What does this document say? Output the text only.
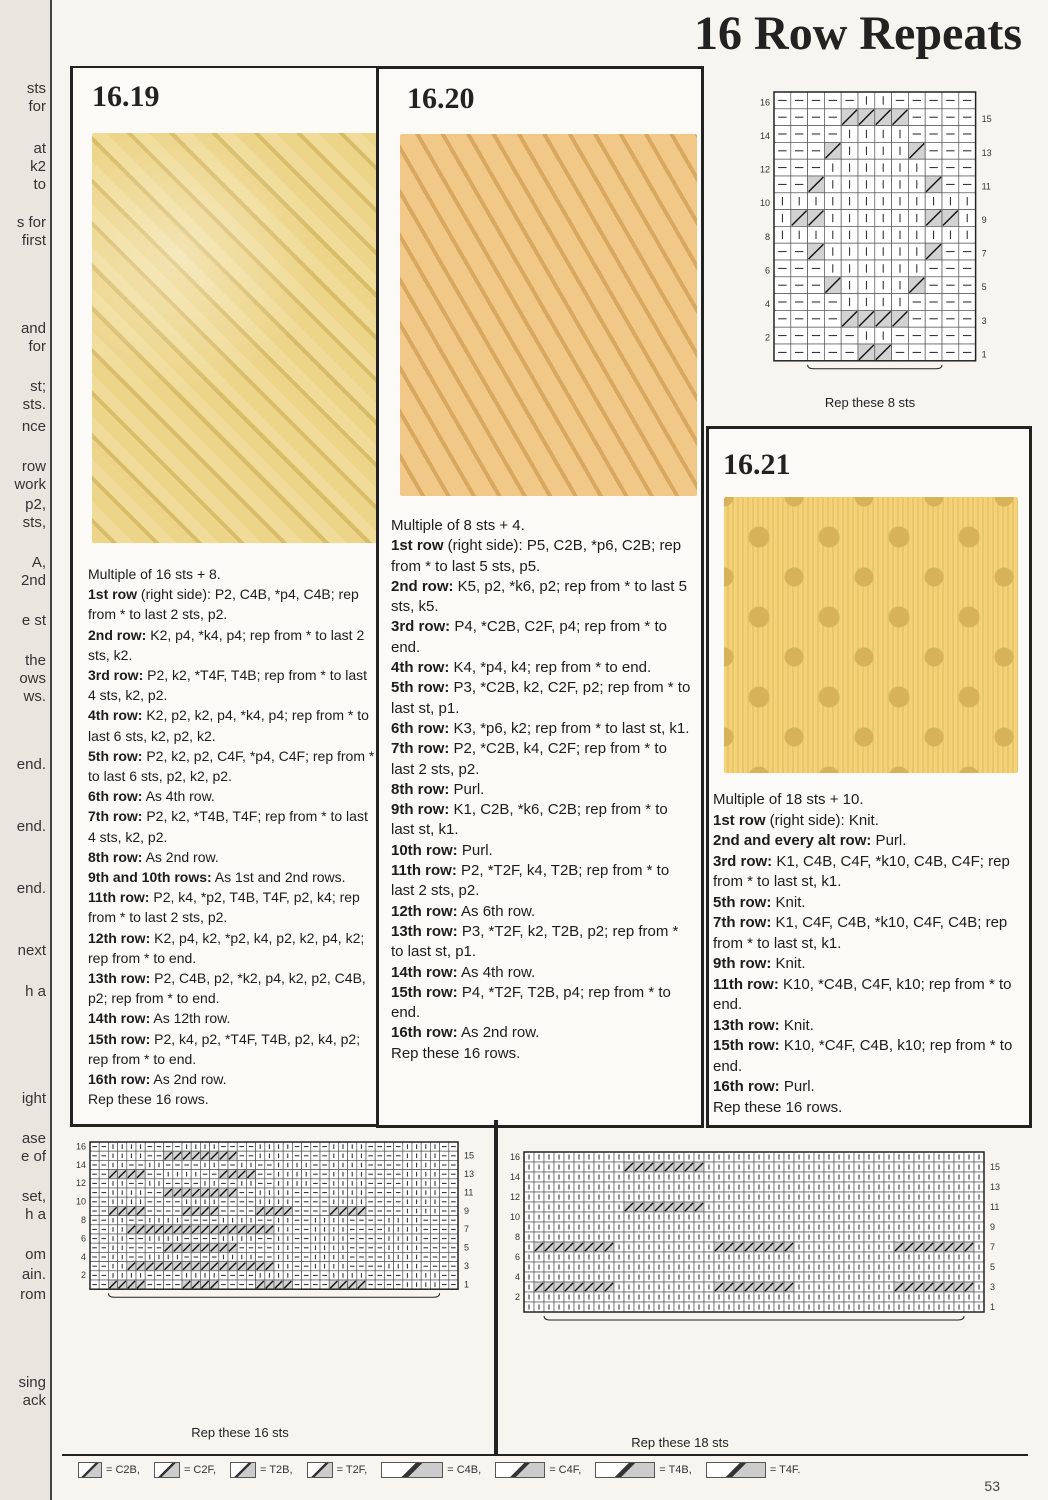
sts
for
at
k2
to
s for
first
and
for
st;
sts.
nce
row
work
p2,
sts,
A,
2nd
e st
the
ows
ws.
end.
end.
end.
next
h a
ight
ase
e of
set,
h a
om
ain.
rom
sing
ack
16 Row Repeats
16.19

Multiple of 16 sts + 8.

1st row (right side): P2, C4B, *p4, C4B; rep from * to last 2 sts, p2.

2nd row: K2, p4, *k4, p4; rep from * to last 2 sts, k2.

3rd row: P2, k2, *T4F, T4B; rep from * to last 4 sts, k2, p2.

4th row: K2, p2, k2, p4, *k4, p4; rep from * to last 6 sts, k2, p2, k2.

5th row: P2, k2, p2, C4F, *p4, C4F; rep from * to last 6 sts, p2, k2, p2.

6th row: As 4th row.

7th row: P2, k2, *T4B, T4F; rep from * to last 4 sts, k2, p2.

8th row: As 2nd row.

9th and 10th rows: As 1st and 2nd rows.

11th row: P2, k4, *p2, T4B, T4F, p2, k4; rep from * to last 2 sts, p2.

12th row: K2, p4, k2, *p2, k4, p2, k2, p4, k2; rep from * to end.

13th row: P2, C4B, p2, *k2, p4, k2, p2, C4B, p2; rep from * to end.

14th row: As 12th row.

15th row: P2, k4, p2, *T4F, T4B, p2, k4, p2; rep from * to end.

16th row: As 2nd row.

Rep these 16 rows.

16.20

Multiple of 8 sts + 4.

1st row (right side): P5, C2B, *p6, C2B; rep from * to last 5 sts, p5.

2nd row: K5, p2, *k6, p2; rep from * to last 5 sts, k5.

3rd row: P4, *C2B, C2F, p4; rep from * to end.

4th row: K4, *p4, k4; rep from * to end.

5th row: P3, *C2B, k2, C2F, p2; rep from * to last st, p1.

6th row: K3, *p6, k2; rep from * to last st, k1.

7th row: P2, *C2B, k4, C2F; rep from * to last 2 sts, p2.

8th row: Purl.

9th row: K1, C2B, *k6, C2B; rep from * to last st, k1.

10th row: Purl.

11th row: P2, *T2F, k4, T2B; rep from * to last 2 sts, p2.

12th row: As 6th row.

13th row: P3, *T2F, k2, T2B, p2; rep from * to last st, p1.

14th row: As 4th row.

15th row: P4, *T2F, T2B, p4; rep from * to end.

16th row: As 2nd row.

Rep these 16 rows.

16
14
12
10
8
6
4
2
15
13
11
9
7
5
3
1
Rep these 8 sts
16.21

Multiple of 18 sts + 10.

1st row (right side): Knit.

2nd and every alt row: Purl.

3rd row: K1, C4B, C4F, *k10, C4B, C4F; rep from * to last st, k1.

5th row: Knit.

7th row: K1, C4F, C4B, *k10, C4F, C4B; rep from * to last st, k1.

9th row: Knit.

11th row: K10, *C4B, C4F, k10; rep from * to end.

13th row: Knit.

15th row: K10, *C4F, C4B, k10; rep from * to end.

16th row: Purl.

Rep these 16 rows.

16
14
12
10
8
6
4
2
15
13
11
9
7
5
3
1
Rep these 16 sts
16
14
12
10
8
6
4
2
15
13
11
9
7
5
3
1
Rep these 18 sts
= C2B,	= C2F,	= T2B,	= T2F,	= C4B,	= C4F,	= T4B,	= T4F.
53
